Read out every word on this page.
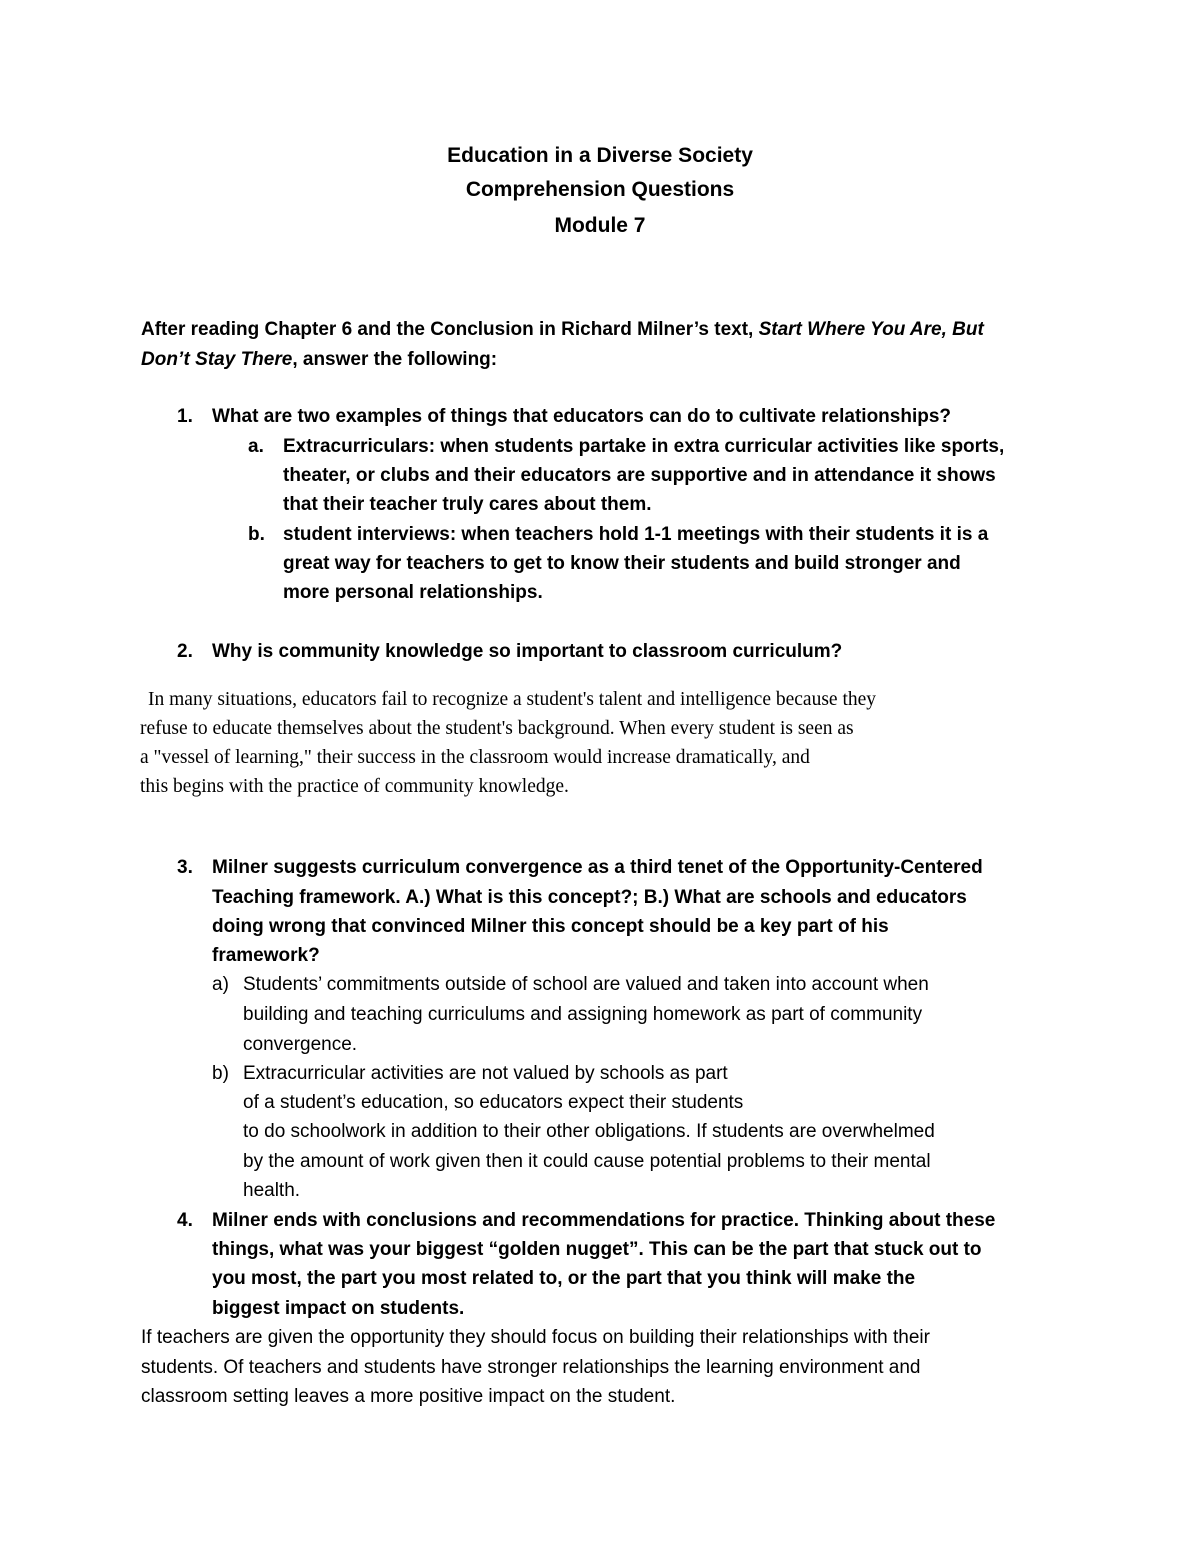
Education in a Diverse Society
Comprehension Questions
Module 7
After reading Chapter 6 and the Conclusion in Richard Milner’s text, Start Where You Are, But
Don’t Stay There, answer the following:
1. What are two examples of things that educators can do to cultivate relationships?
a. Extracurriculars: when students partake in extra curricular activities like sports,
theater, or clubs and their educators are supportive and in attendance it shows
that their teacher truly cares about them.
b. student interviews: when teachers hold 1-1 meetings with their students it is a
great way for teachers to get to know their students and build stronger and
more personal relationships.
2. Why is community knowledge so important to classroom curriculum?
In many situations, educators fail to recognize a student's talent and intelligence because they
refuse to educate themselves about the student's background. When every student is seen as
a "vessel of learning," their success in the classroom would increase dramatically, and
this begins with the practice of community knowledge.
3. Milner suggests curriculum convergence as a third tenet of the Opportunity-Centered
Teaching framework. A.) What is this concept?; B.) What are schools and educators
doing wrong that convinced Milner this concept should be a key part of his
framework?
a) Students’ commitments outside of school are valued and taken into account when
building and teaching curriculums and assigning homework as part of community
convergence.
b) Extracurricular activities are not valued by schools as part
of a student’s education, so educators expect their students
to do schoolwork in addition to their other obligations. If students are overwhelmed
by the amount of work given then it could cause potential problems to their mental
health.
4. Milner ends with conclusions and recommendations for practice. Thinking about these
things, what was your biggest “golden nugget”. This can be the part that stuck out to
you most, the part you most related to, or the part that you think will make the
biggest impact on students.
If teachers are given the opportunity they should focus on building their relationships with their
students. Of teachers and students have stronger relationships the learning environment and
classroom setting leaves a more positive impact on the student.
